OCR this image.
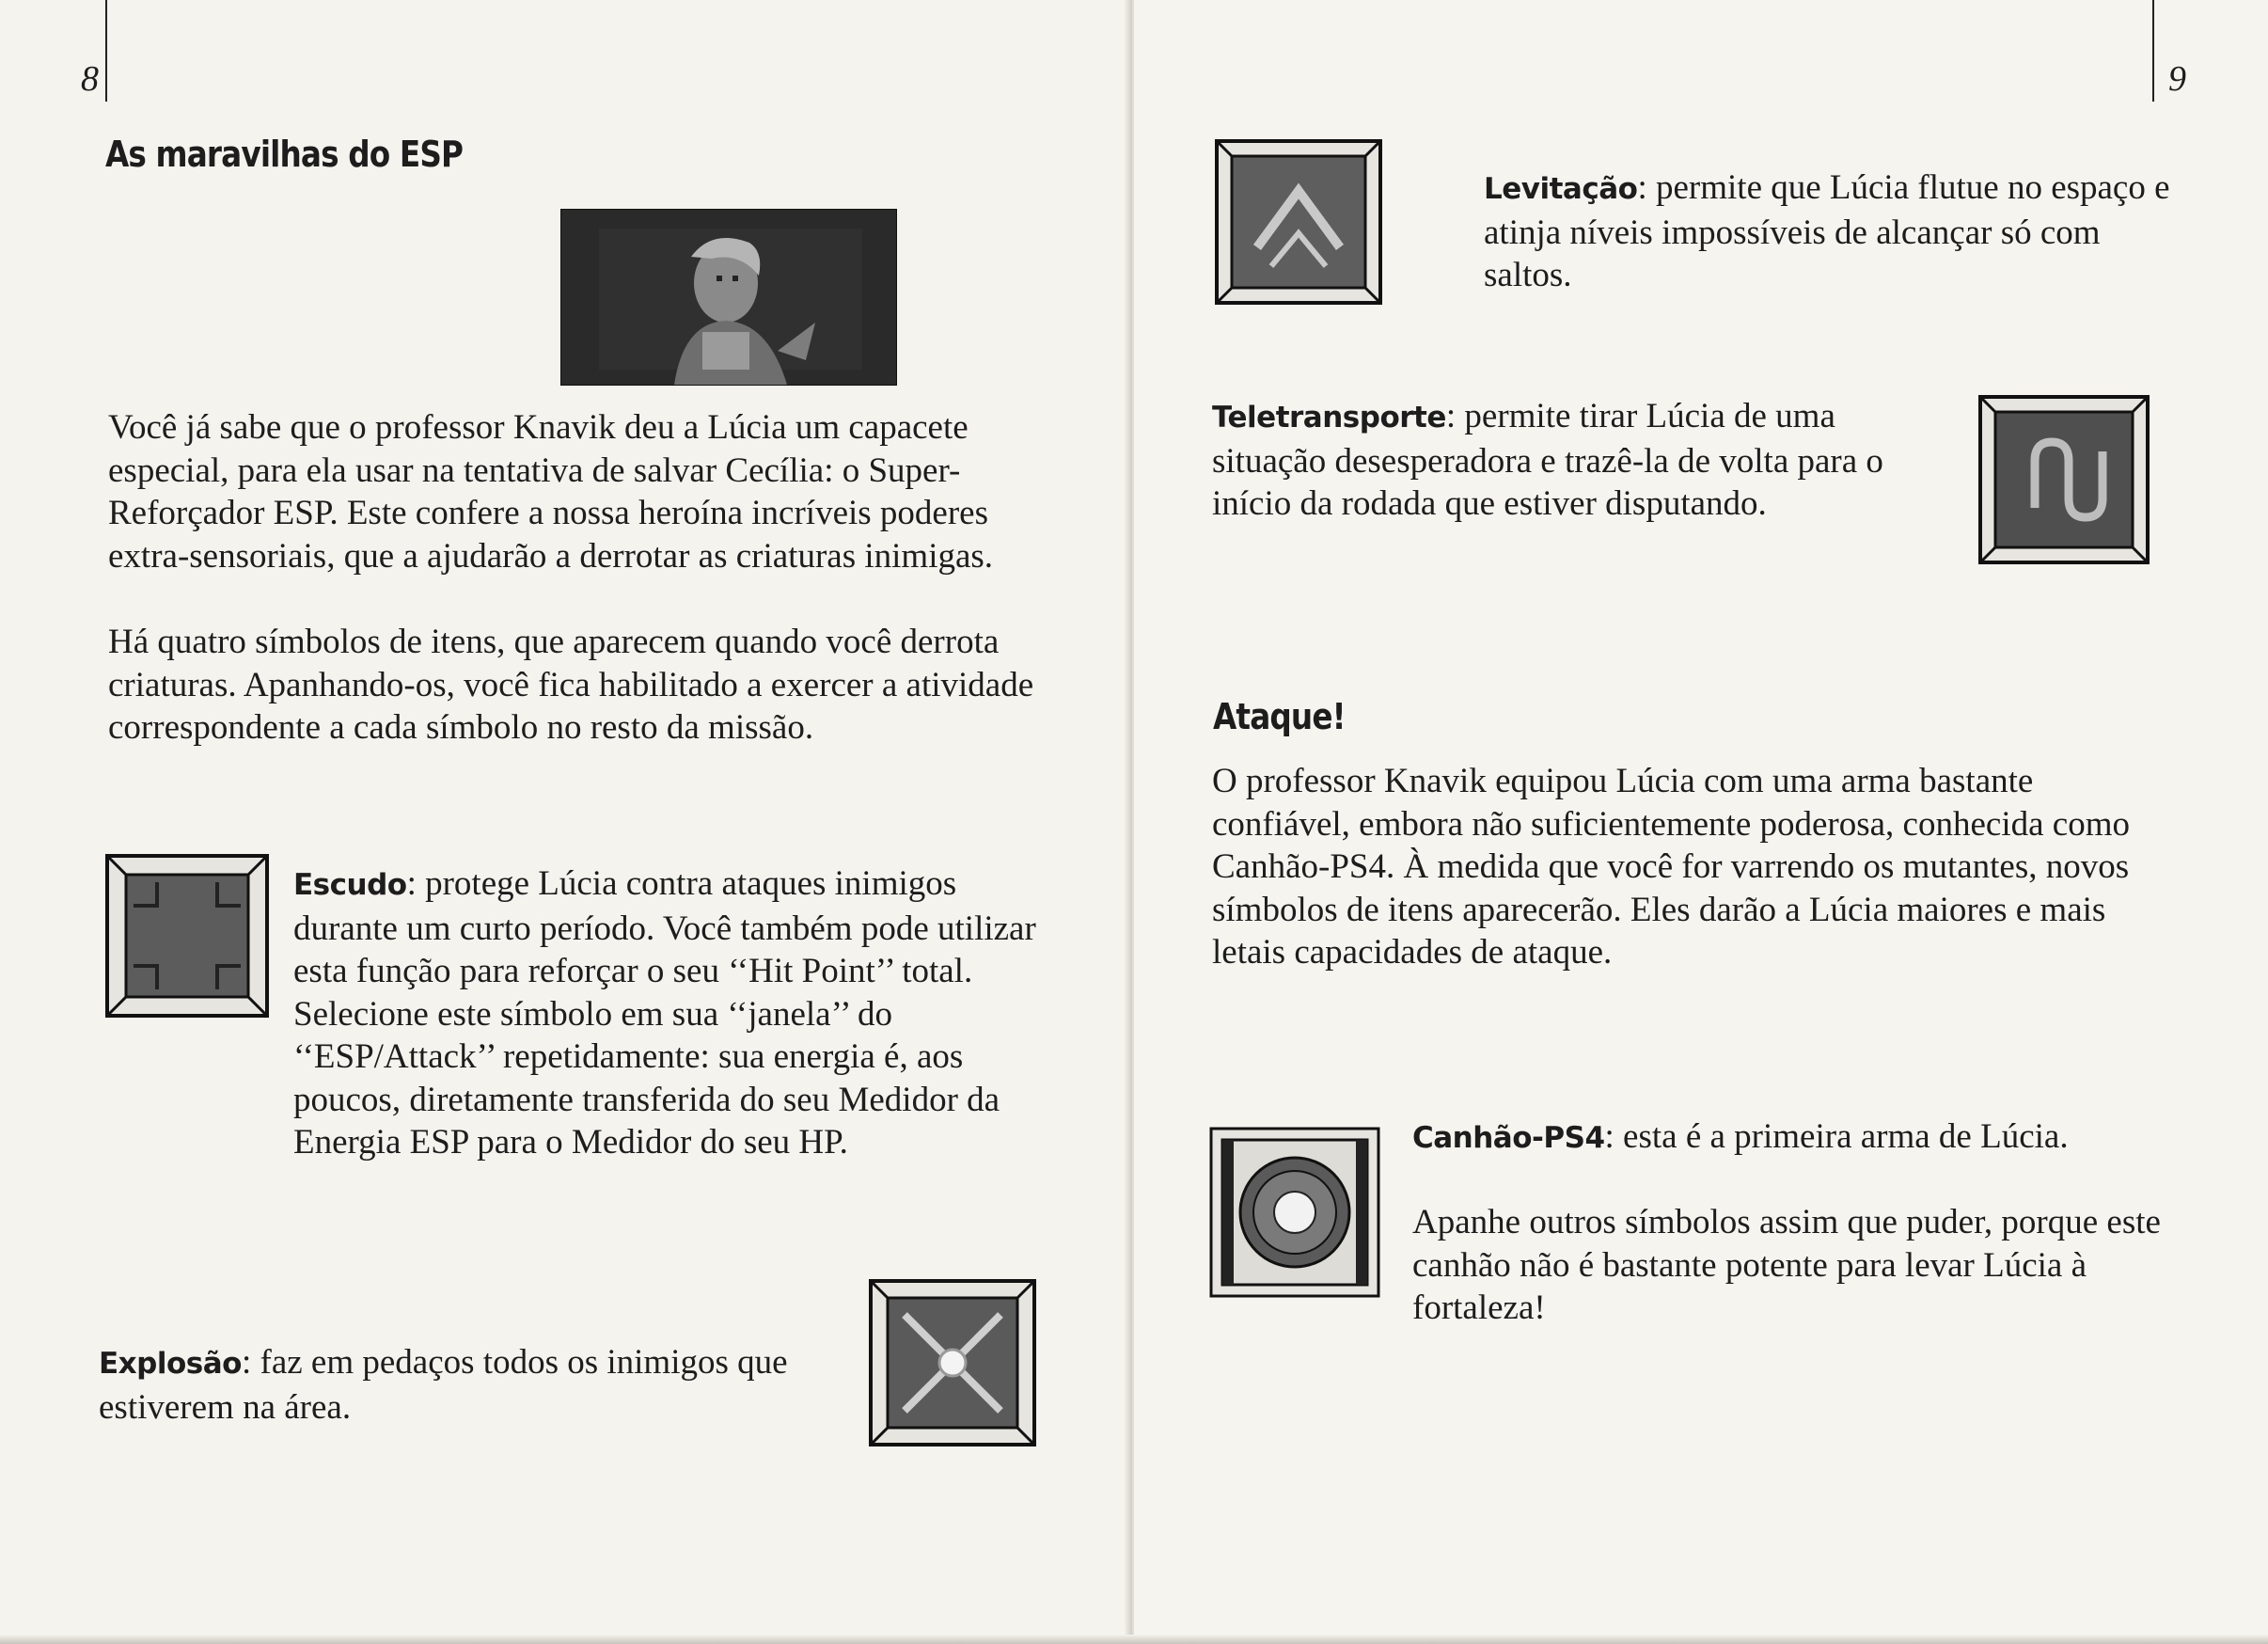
8
As maravilhas do ESP

Você já sabe que o professor Knavik deu a Lúcia um capacete especial, para ela usar na tentativa de salvar Cecília: o Super-Reforçador ESP. Este confere a nossa heroína incríveis poderes extra-sensoriais, que a ajudarão a derrotar as criaturas inimigas.

Há quatro símbolos de itens, que aparecem quando você derrota criaturas. Apanhando-os, você fica habilitado a exercer a atividade correspondente a cada símbolo no resto da missão.

Escudo: protege Lúcia contra ataques inimigos durante um curto período. Você também pode utilizar esta função para reforçar o seu ‘‘Hit Point’’ total. Selecione este símbolo em sua ‘‘janela’’ do ‘‘ESP/Attack’’ repetidamente: sua energia é, aos poucos, diretamente transferida do seu Medidor da Energia ESP para o Medidor do seu HP.

Explosão: faz em pedaços todos os inimigos que estiverem na área.

9

Levitação: permite que Lúcia flutue no espaço e atinja níveis impossíveis de alcançar só com saltos.

Teletransporte: permite tirar Lúcia de uma situação desesperadora e trazê-la de volta para o início da rodada que estiver disputando.

Ataque!

O professor Knavik equipou Lúcia com uma arma bastante confiável, embora não suficientemente poderosa, conhecida como Canhão-PS4. À medida que você for varrendo os mutantes, novos símbolos de itens aparecerão. Eles darão a Lúcia maiores e mais letais capacidades de ataque.

Canhão-PS4: esta é a primeira arma de Lúcia.

Apanhe outros símbolos assim que puder, porque este canhão não é bastante potente para levar Lúcia à fortaleza!
